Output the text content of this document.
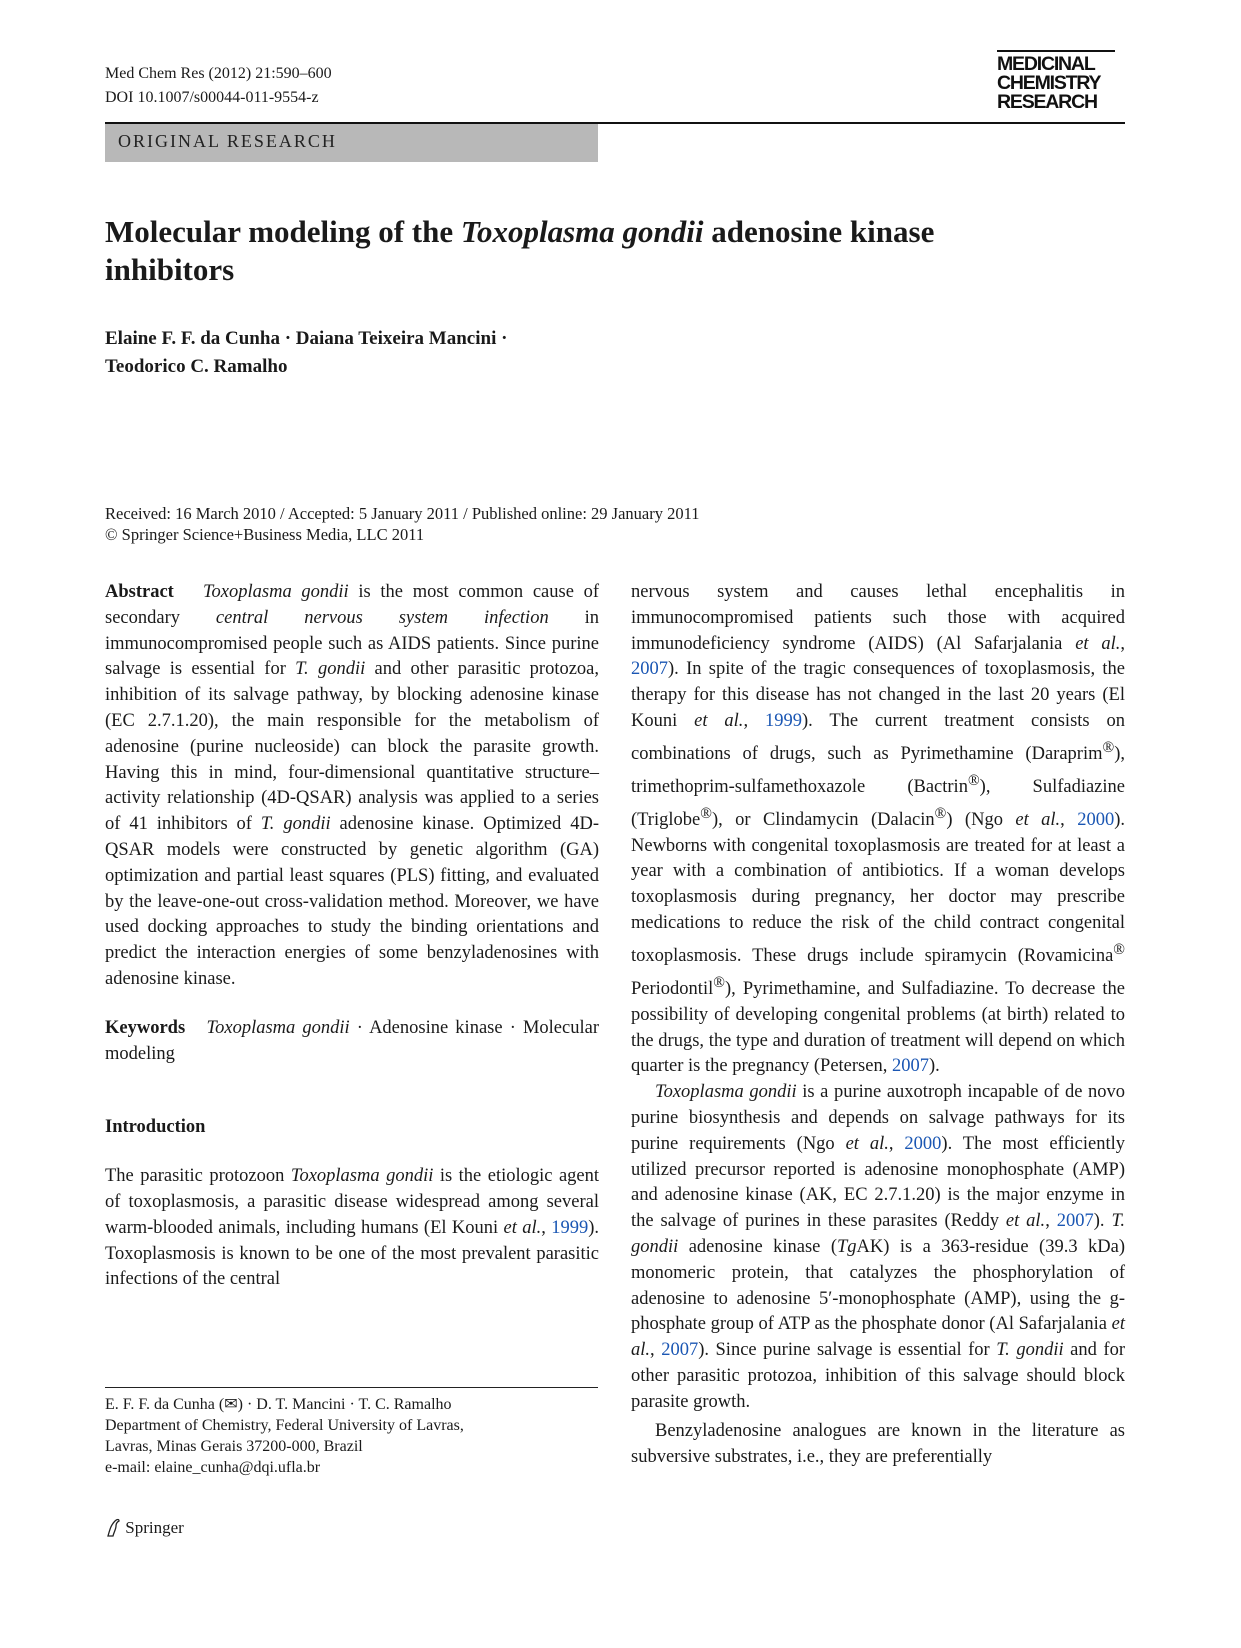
Med Chem Res (2012) 21:590–600
DOI 10.1007/s00044-011-9554-z
MEDICINAL
CHEMISTRY
RESEARCH
ORIGINAL RESEARCH
Molecular modeling of the Toxoplasma gondii adenosine kinase inhibitors
Elaine F. F. da Cunha · Daiana Teixeira Mancini ·
Teodorico C. Ramalho
Received: 16 March 2010 / Accepted: 5 January 2011 / Published online: 29 January 2011
© Springer Science+Business Media, LLC 2011

Abstract Toxoplasma gondii is the most common cause of secondary central nervous system infection in immunocompromised people such as AIDS patients. Since purine salvage is essential for T. gondii and other parasitic protozoa, inhibition of its salvage pathway, by blocking adenosine kinase (EC 2.7.1.20), the main responsible for the metabolism of adenosine (purine nucleoside) can block the parasite growth. Having this in mind, four-dimensional quantitative structure–activity relationship (4D-QSAR) analysis was applied to a series of 41 inhibitors of T. gondii adenosine kinase. Optimized 4D-QSAR models were constructed by genetic algorithm (GA) optimization and partial least squares (PLS) fitting, and evaluated by the leave-one-out cross-validation method. Moreover, we have used docking approaches to study the binding orientations and predict the interaction energies of some benzyladenosines with adenosine kinase.

Keywords Toxoplasma gondii · Adenosine kinase · Molecular modeling

Introduction

The parasitic protozoon Toxoplasma gondii is the etiologic agent of toxoplasmosis, a parasitic disease widespread among several warm-blooded animals, including humans (El Kouni et al., 1999). Toxoplasmosis is known to be one of the most prevalent parasitic infections of the central

nervous system and causes lethal encephalitis in immunocompromised patients such those with acquired immunodeficiency syndrome (AIDS) (Al Safarjalania et al., 2007). In spite of the tragic consequences of toxoplasmosis, the therapy for this disease has not changed in the last 20 years (El Kouni et al., 1999). The current treatment consists on combinations of drugs, such as Pyrimethamine (Daraprim®), trimethoprim-sulfamethoxazole (Bactrin®), Sulfadiazine (Triglobe®), or Clindamycin (Dalacin®) (Ngo et al., 2000). Newborns with congenital toxoplasmosis are treated for at least a year with a combination of antibiotics. If a woman develops toxoplasmosis during pregnancy, her doctor may prescribe medications to reduce the risk of the child contract congenital toxoplasmosis. These drugs include spiramycin (Rovamicina® Periodontil®), Pyrimethamine, and Sulfadiazine. To decrease the possibility of developing congenital problems (at birth) related to the drugs, the type and duration of treatment will depend on which quarter is the pregnancy (Petersen, 2007).

Toxoplasma gondii is a purine auxotroph incapable of de novo purine biosynthesis and depends on salvage pathways for its purine requirements (Ngo et al., 2000). The most efficiently utilized precursor reported is adenosine monophosphate (AMP) and adenosine kinase (AK, EC 2.7.1.20) is the major enzyme in the salvage of purines in these parasites (Reddy et al., 2007). T. gondii adenosine kinase (TgAK) is a 363-residue (39.3 kDa) monomeric protein, that catalyzes the phosphorylation of adenosine to adenosine 5′-monophosphate (AMP), using the g-phosphate group of ATP as the phosphate donor (Al Safarjalania et al., 2007). Since purine salvage is essential for T. gondii and for other parasitic protozoa, inhibition of this salvage should block parasite growth.

Benzyladenosine analogues are known in the literature as subversive substrates, i.e., they are preferentially

E. F. F. da Cunha (✉) · D. T. Mancini · T. C. Ramalho
Department of Chemistry, Federal University of Lavras,
Lavras, Minas Gerais 37200-000, Brazil
e-mail: elaine_cunha@dqi.ufla.br
Springer
